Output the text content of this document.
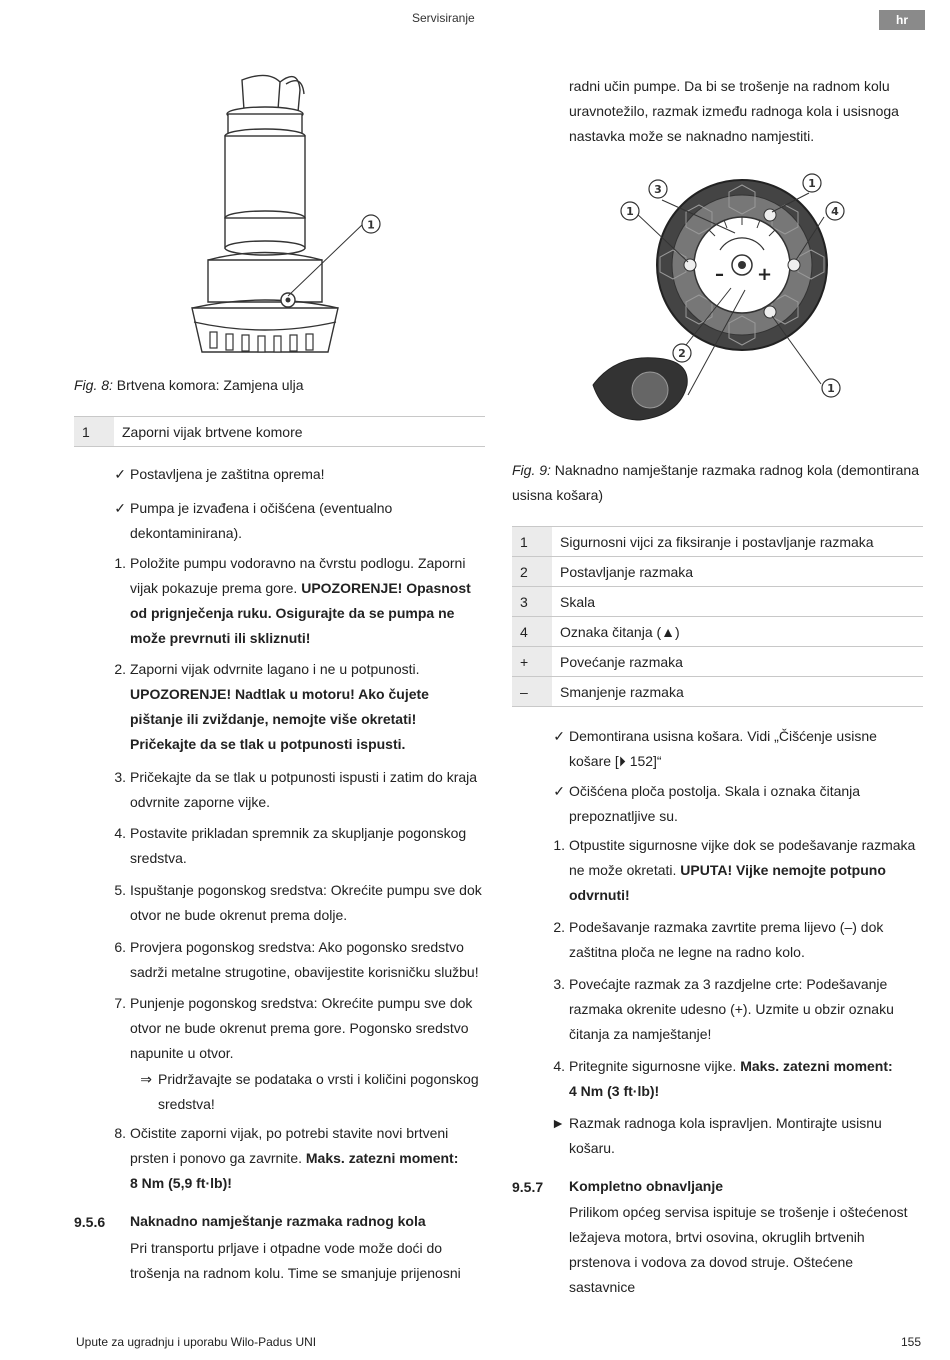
Servisiranje	hr
1
Fig. 8: Brtvena komora: Zamjena ulja
1	Zaporni vijak brtvene komore
✓ Postavljena je zaštitna oprema!
✓ Pumpa je izvađena i očišćena (eventualno dekontaminirana).
1. Položite pumpu vodoravno na čvrstu podlogu. Zaporni vijak pokazuje prema gore. UPOZORENJE! Opasnost od prignječenja ruku. Osigurajte da se pumpa ne može prevrnuti ili skliznuti!
2. Zaporni vijak odvrnite lagano i ne u potpunosti. UPOZORENJE! Nadtlak u motoru! Ako čujete pištanje ili zviždanje, nemojte više okretati! Pričekajte da se tlak u potpunosti ispusti.
3. Pričekajte da se tlak u potpunosti ispusti i zatim do kraja odvrnite zaporne vijke.
4. Postavite prikladan spremnik za skupljanje pogonskog sredstva.
5. Ispuštanje pogonskog sredstva: Okrećite pumpu sve dok otvor ne bude okrenut prema dolje.
6. Provjera pogonskog sredstva: Ako pogonsko sredstvo sadrži metalne strugotine, obavijestite korisničku službu!
7. Punjenje pogonskog sredstva: Okrećite pumpu sve dok otvor ne bude okrenut prema gore. Pogonsko sredstvo napunite u otvor.
⇒ Pridržavajte se podataka o vrsti i količini pogonskog sredstva!
8. Očistite zaporni vijak, po potrebi stavite novi brtveni prsten i ponovo ga zavrnite. Maks. zatezni moment: 8 Nm (5,9 ft·lb)!
9.5.6 Naknadno namještanje razmaka radnog kola
Pri transportu prljave i otpadne vode može doći do trošenja na radnom kolu. Time se smanjuje prijenosni
radni učin pumpe. Da bi se trošenje na radnom kolu uravnotežilo, razmak između radnoga kola i usisnoga nastavka može se naknadno namjestiti.
– +
1
3	1
4
2
1
Fig. 9: Naknadno namještanje razmaka radnog kola (demontirana usisna košara)
1	Sigurnosni vijci za fiksiranje i postavljanje razmaka
2	Postavljanje razmaka
3	Skala
4	Oznaka čitanja (▲)
+	Povećanje razmaka
–	Smanjenje razmaka
✓ Demontirana usisna košara. Vidi „Čišćenje usisne košare [⏵ 152]“
✓ Očišćena ploča postolja. Skala i oznaka čitanja prepoznatljive su.
1. Otpustite sigurnosne vijke dok se podešavanje razmaka ne može okretati. UPUTA! Vijke nemojte potpuno odvrnuti!
2. Podešavanje razmaka zavrtite prema lijevo (–) dok zaštitna ploča ne legne na radno kolo.
3. Povećajte razmak za 3 razdjelne crte: Podešavanje razmaka okrenite udesno (+). Uzmite u obzir oznaku čitanja za namještanje!
4. Pritegnite sigurnosne vijke. Maks. zatezni moment: 4 Nm (3 ft·lb)!
► Razmak radnoga kola ispravljen. Montirajte usisnu košaru.
9.5.7 Kompletno obnavljanje
Prilikom općeg servisa ispituje se trošenje i oštećenost ležajeva motora, brtvi osovina, okruglih brtvenih prstenova i vodova za dovod struje. Oštećene sastavnice
Upute za ugradnju i uporabu Wilo-Padus UNI	155
